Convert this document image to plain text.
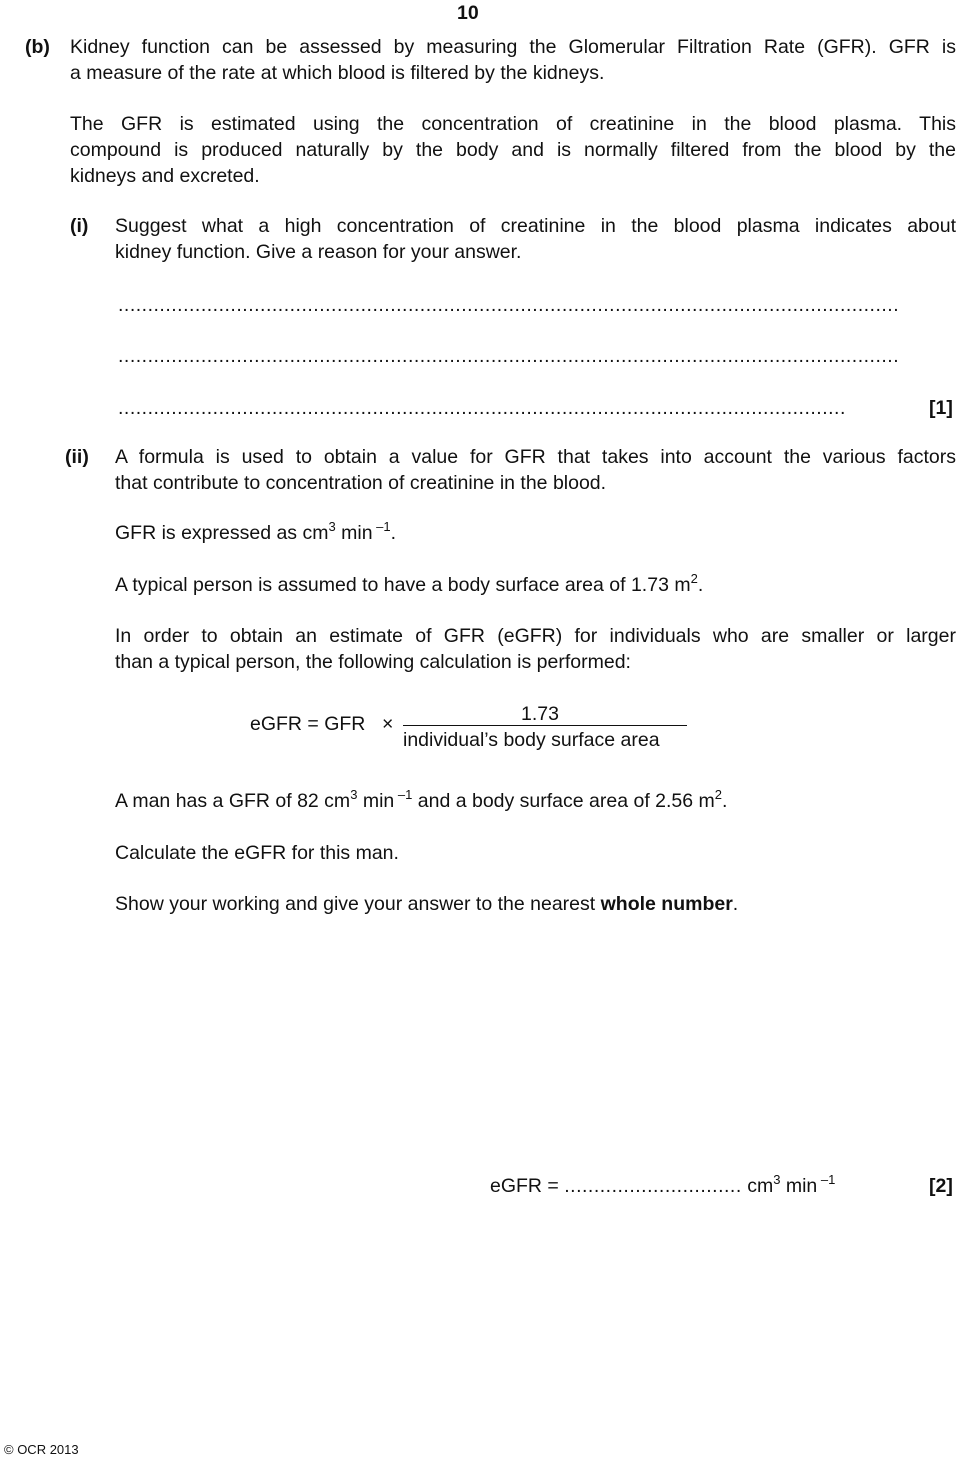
10
(b) Kidney function can be assessed by measuring the Glomerular Filtration Rate (GFR). GFR is
a measure of the rate at which blood is filtered by the kidneys.
The GFR is estimated using the concentration of creatinine in the blood plasma. This
compound is produced naturally by the body and is normally filtered from the blood by the
kidneys and excreted.
(i) Suggest what a high concentration of creatinine in the blood plasma indicates about
kidney function. Give a reason for your answer.
....................................................................................................................................
....................................................................................................................................
...........................................................................................................................	[1]
(ii) A formula is used to obtain a value for GFR that takes into account the various factors
that contribute to concentration of creatinine in the blood.
GFR is expressed as $cm^3$ min $^{-1}$.
A typical person is assumed to have a body surface area of 1.73 $m^2$.
In order to obtain an estimate of GFR (eGFR) for individuals who are smaller or larger
than a typical person, the following calculation is performed:
eGFR = GFR ×	1.73
individual’s body surface area
A man has a GFR of 82 $cm^3$ min $^{-1}$ and a body surface area of 2.56 $m^2$.
Calculate the eGFR for this man.
Show your working and give your answer to the nearest whole number.
eGFR = .............................. $cm^3$ min $^{-1}$	[2]
© OCR 2013
